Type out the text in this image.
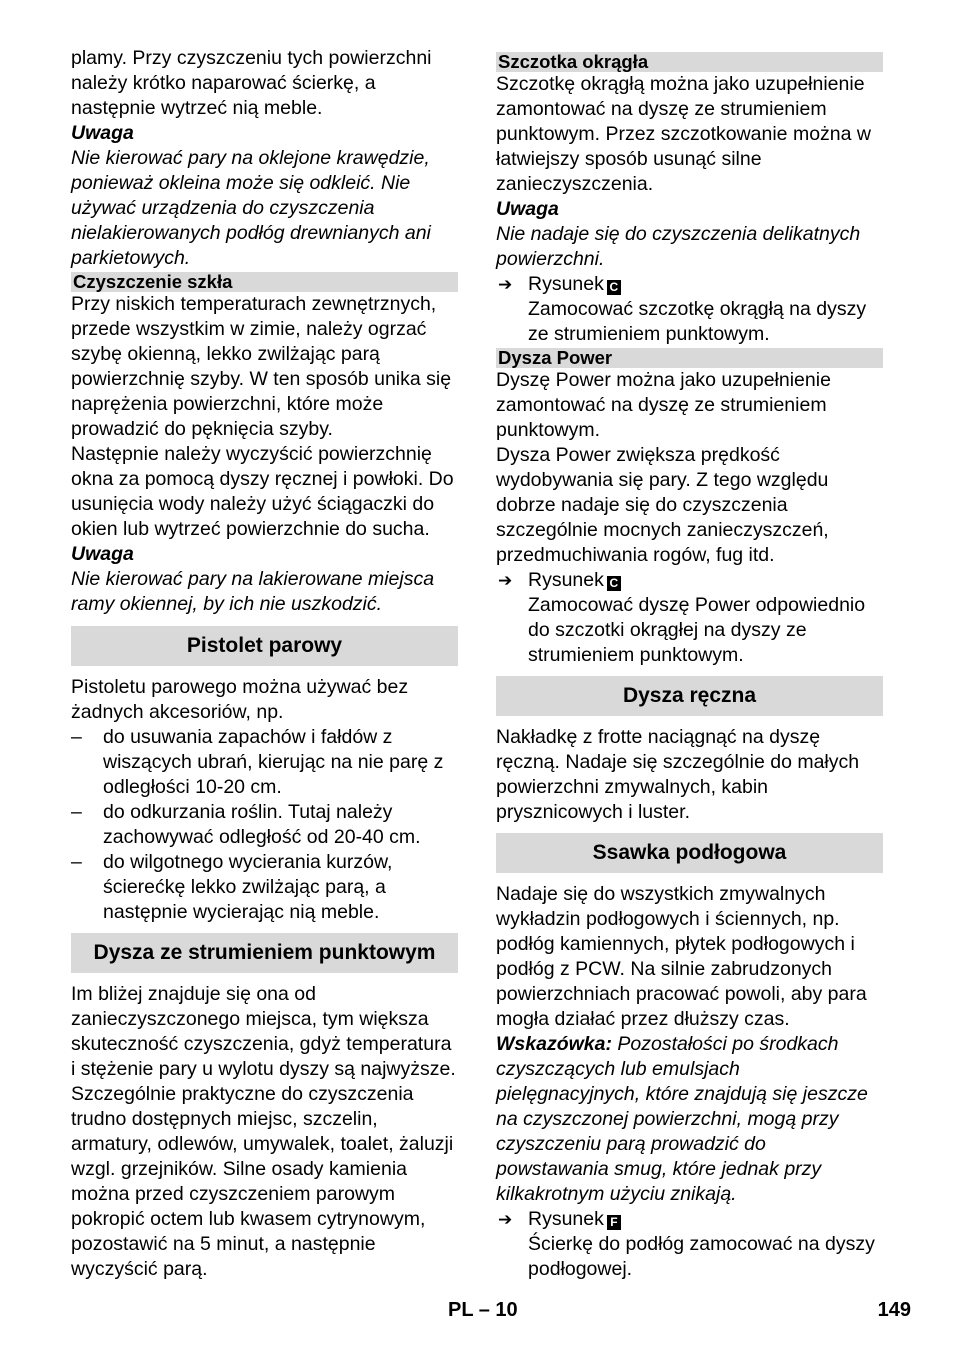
plamy. Przy czyszczeniu tych powierzchni należy krótko naparować ścierkę, a następnie wytrzeć nią meble.

Uwaga

Nie kierować pary na oklejone krawędzie, ponieważ okleina może się odkleić. Nie używać urządzenia do czyszczenia nielakierowanych podłóg drewnianych ani parkietowych.

Czyszczenie szkła

Przy niskich temperaturach zewnętrznych, przede wszystkim w zimie, należy ogrzać szybę okienną, lekko zwilżając parą powierzchnię szyby. W ten sposób unika się naprężenia powierzchni, które może prowadzić do pęknięcia szyby.

Następnie należy wyczyścić powierzchnię okna za pomocą dyszy ręcznej i powłoki. Do usunięcia wody należy użyć ściągaczki do okien lub wytrzeć powierzchnie do sucha.

Uwaga

Nie kierować pary na lakierowane miejsca ramy okiennej, by ich nie uszkodzić.

Pistolet parowy

Pistoletu parowego można używać bez żadnych akcesoriów, np.

– do usuwania zapachów i fałdów z wiszących ubrań, kierując na nie parę z odległości 10-20 cm.
– do odkurzania roślin. Tutaj należy zachowywać odległość od 20-40 cm.
– do wilgotnego wycierania kurzów, ścierećkę lekko zwilżając parą, a następnie wycierając nią meble.
Dysza ze strumieniem punktowym

Im bliżej znajduje się ona od zanieczyszczonego miejsca, tym większa skuteczność czyszczenia, gdyż temperatura i stężenie pary u wylotu dyszy są najwyższe. Szczególnie praktyczne do czyszczenia trudno dostępnych miejsc, szczelin, armatury, odlewów, umywalek, toalet, żaluzji wzgl. grzejników. Silne osady kamienia można przed czyszczeniem parowym pokropić octem lub kwasem cytrynowym, pozostawić na 5 minut, a następnie wyczyścić parą.

Szczotka okrągła

Szczotkę okrągłą można jako uzupełnienie zamontować na dyszę ze strumieniem punktowym. Przez szczotkowanie można w łatwiejszy sposób usunąć silne zanieczyszczenia.

Uwaga

Nie nadaje się do czyszczenia delikatnych powierzchni.

➔ Rysunek C
Zamocować szczotkę okrągłą na dyszy ze strumieniem punktowym.
Dysza Power

Dyszę Power można jako uzupełnienie zamontować na dyszę ze strumieniem punktowym.

Dysza Power zwiększa prędkość wydobywania się pary. Z tego względu dobrze nadaje się do czyszczenia szczególnie mocnych zanieczyszczeń, przedmuchiwania rogów, fug itd.

➔ Rysunek C
Zamocować dyszę Power odpowiednio do szczotki okrągłej na dyszy ze strumieniem punktowym.
Dysza ręczna

Nakładkę z frotte naciągnąć na dyszę ręczną. Nadaje się szczególnie do małych powierzchni zmywalnych, kabin prysznicowych i luster.

Ssawka podłogowa

Nadaje się do wszystkich zmywalnych wykładzin podłogowych i ściennych, np. podłóg kamiennych, płytek podłogowych i podłóg z PCW. Na silnie zabrudzonych powierzchniach pracować powoli, aby para mogła działać przez dłuższy czas.

Wskazówka: Pozostałości po środkach czyszczących lub emulsjach pielęgnacyjnych, które znajdują się jeszcze na czyszczonej powierzchni, mogą przy czyszczeniu parą prowadzić do powstawania smug, które jednak przy kilkakrotnym użyciu znikają.

➔ Rysunek F
Ścierkę do podłóg zamocować na dyszy podłogowej.
PL – 10	149
